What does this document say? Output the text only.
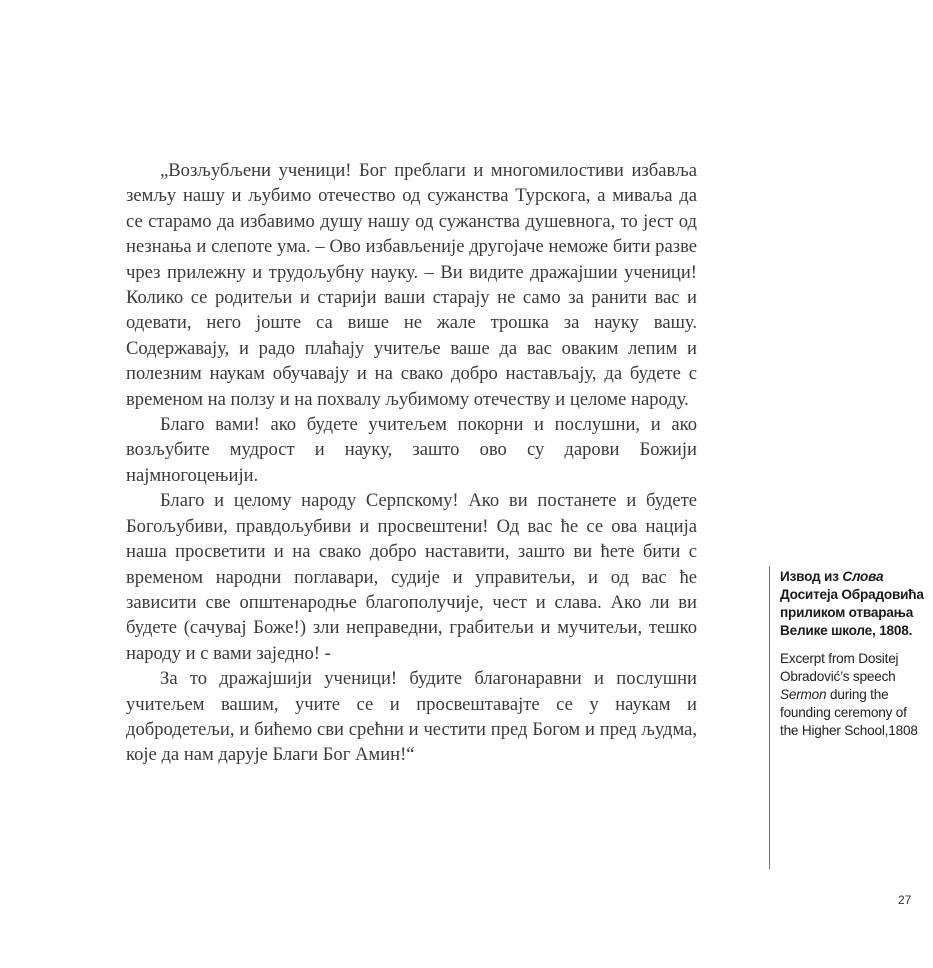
„Возљубљени ученици! Бог преблаги и многомилостиви избавља земљу нашу и љубимо отечество од сужанства Турскога, а миваља да се старамо да избавимо душу нашу од сужанства душевнога, то јест од незнања и слепоте ума. – Ово избављеније другојаче неможе бити разве чрез прилежну и трудољубну науку. – Ви видите дражајшии ученици! Колико се родитељи и старији ваши старају не само за ранити вас и одевати, него јоште са више не жале трошка за науку вашу. Содержавају, и радо плаћају учитеље ваше да вас оваким лепим и полезним наукам обучавају и на свако добро настављају, да будете с временом на ползу и на похвалу љубимому отечеству и целоме народу.

Благо вами! ако будете учитељем покорни и послушни, и ако возљубите мудрост и науку, зашто ово су дарови Божији најмногоцењији.

Благо и целому народу Серпскому! Ако ви постанете и будете Богољубиви, правдољубиви и просвештени! Од вас ће се ова нација наша просветити и на свако добро наставити, зашто ви ћете бити с временом народни поглавари, судије и управитељи, и од вас ће зависити све општенародње благополучије, чест и слава. Ако ли ви будете (сачувај Боже!) зли неправедни, грабитељи и мучитељи, тешко народу и с вами заједно! -

За то дражајшији ученици! будите благонаравни и послушни учитељем вашим, учите се и просвештавајте се у наукам и добродетељи, и бићемо сви срећни и честити пред Богом и пред људма, које да нам дарује Благи Бог Амин!“

Извод из Слова Доситеја Обрадовића приликом отварања Велике школе, 1808.

Excerpt from Dositej Obradović’s speech Sermon during the founding ceremony of the Higher School,1808

27
